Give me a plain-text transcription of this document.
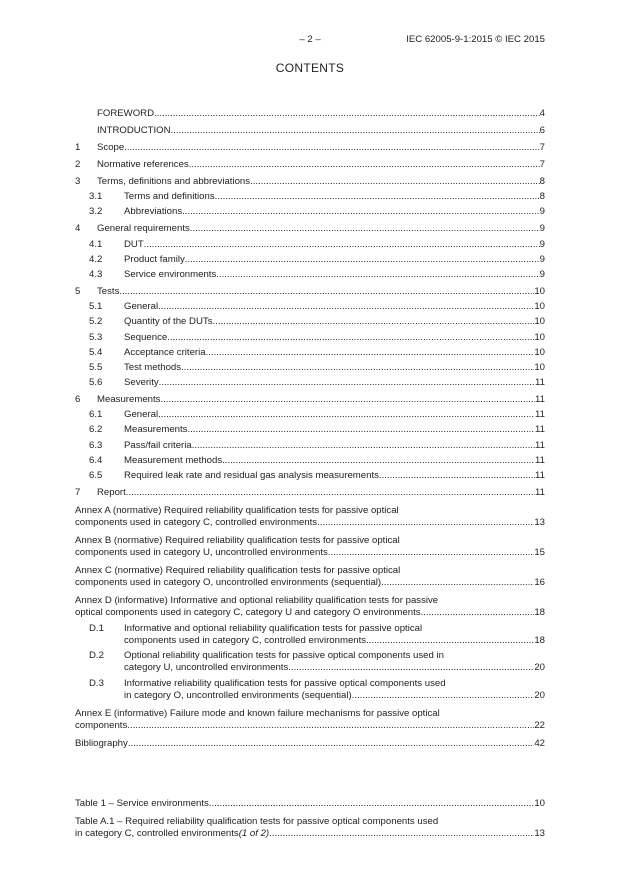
– 2 –	IEC 62005-9-1:2015 © IEC 2015
CONTENTS
FOREWORD .....	4
INTRODUCTION .....	6
1	Scope .....	7
2	Normative references .....	7
3	Terms, definitions and abbreviations .....	8
3.1	Terms and definitions .....	8
3.2	Abbreviations .....	9
4	General requirements .....	9
4.1	DUT .....	9
4.2	Product family .....	9
4.3	Service environments .....	9
5	Tests .....	10
5.1	General .....	10
5.2	Quantity of the DUTs .....	10
5.3	Sequence .....	10
5.4	Acceptance criteria .....	10
5.5	Test methods .....	10
5.6	Severity .....	11
6	Measurements .....	11
6.1	General .....	11
6.2	Measurements .....	11
6.3	Pass/fail criteria .....	11
6.4	Measurement methods .....	11
6.5	Required leak rate and residual gas analysis measurements .....	11
7	Report .....	11
Annex A (normative) Required reliability qualification tests for passive optical
components used in category C, controlled environments .....	13
Annex B (normative) Required reliability qualification tests for passive optical
components used in category U, uncontrolled environments .....	15
Annex C (normative) Required reliability qualification tests for passive optical
components used in category O, uncontrolled environments (sequential) .....	16
Annex D (informative) Informative and optional reliability qualification tests for passive
optical components used in category C, category U and category O environments .....	18
D.1	Informative and optional reliability qualification tests for passive optical
components used in category C, controlled environments .....	18
D.2	Optional reliability qualification tests for passive optical components used in
category U, uncontrolled environments .....	20
D.3	Informative reliability qualification tests for passive optical components used
in category O, uncontrolled environments (sequential) .....	20
Annex E (informative) Failure mode and known failure mechanisms for passive optical
components .....	22
Bibliography .....	42
Table 1 – Service environments .....	10
Table A.1 – Required reliability qualification tests for passive optical components used
in category C, controlled environments (1 of 2) .....	13
